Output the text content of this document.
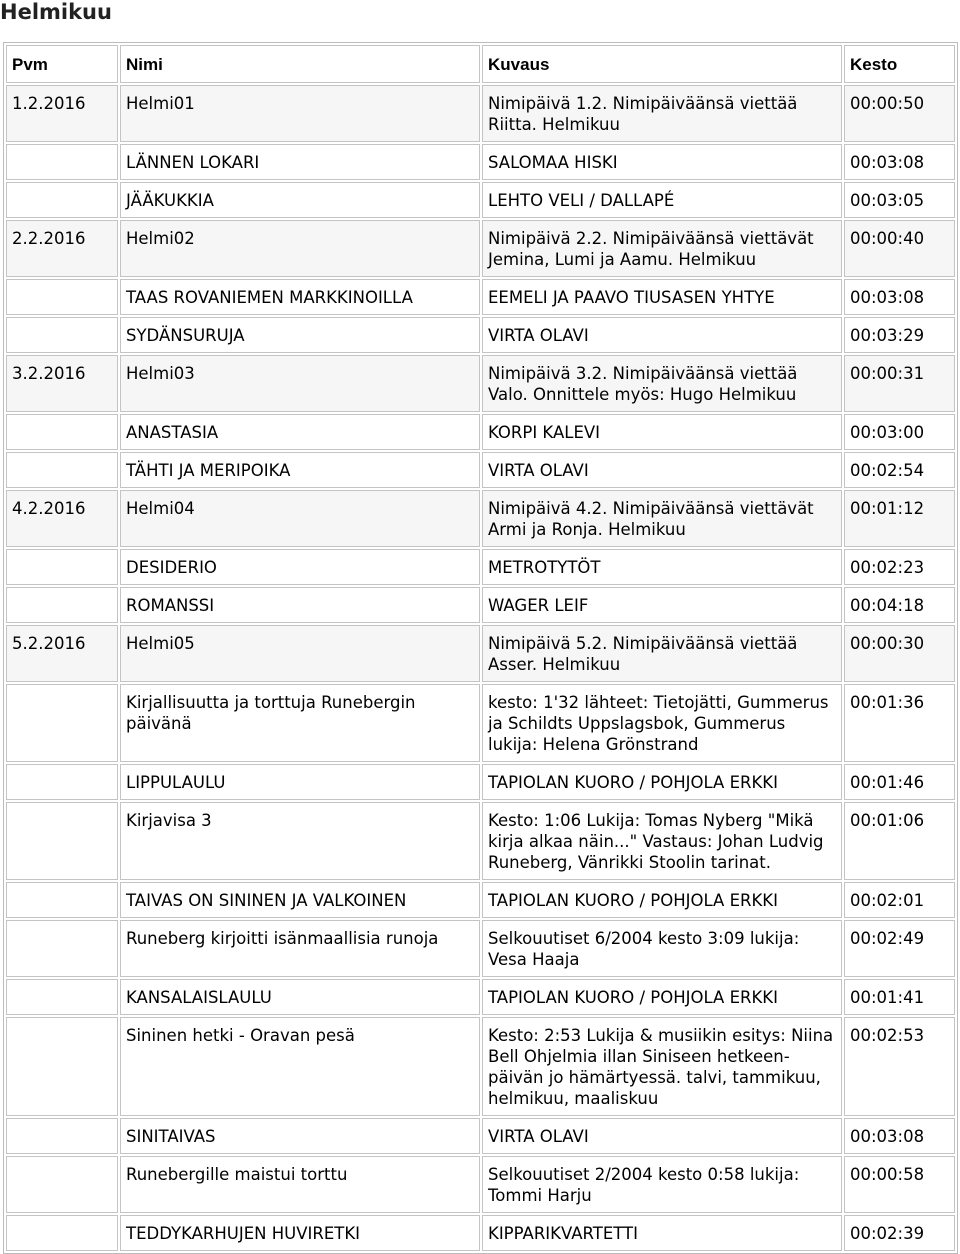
Helmikuu
Pvm	Nimi	Kuvaus	Kesto
1.2.2016	Helmi01	Nimipäivä 1.2. Nimipäiväänsä viettää Riitta. Helmikuu	00:00:50
	LÄNNEN LOKARI	SALOMAA HISKI	00:03:08
	JÄÄKUKKIA	LEHTO VELI / DALLAPÉ	00:03:05
2.2.2016	Helmi02	Nimipäivä 2.2. Nimipäiväänsä viettävät Jemina, Lumi ja Aamu. Helmikuu	00:00:40
	TAAS ROVANIEMEN MARKKINOILLA	EEMELI JA PAAVO TIUSASEN YHTYE	00:03:08
	SYDÄNSURUJA	VIRTA OLAVI	00:03:29
3.2.2016	Helmi03	Nimipäivä 3.2. Nimipäiväänsä viettää Valo. Onnittele myös: Hugo Helmikuu	00:00:31
	ANASTASIA	KORPI KALEVI	00:03:00
	TÄHTI JA MERIPOIKA	VIRTA OLAVI	00:02:54
4.2.2016	Helmi04	Nimipäivä 4.2. Nimipäiväänsä viettävät Armi ja Ronja. Helmikuu	00:01:12
	DESIDERIO	METROTYTÖT	00:02:23
	ROMANSSI	WAGER LEIF	00:04:18
5.2.2016	Helmi05	Nimipäivä 5.2. Nimipäiväänsä viettää Asser. Helmikuu	00:00:30
	Kirjallisuutta ja torttuja Runebergin päivänä	kesto: 1'32 lähteet: Tietojätti, Gummerus ja Schildts Uppslagsbok, Gummerus lukija: Helena Grönstrand	00:01:36
	LIPPULAULU	TAPIOLAN KUORO / POHJOLA ERKKI	00:01:46
	Kirjavisa 3	Kesto: 1:06 Lukija: Tomas Nyberg "Mikä kirja alkaa näin..." Vastaus: Johan Ludvig Runeberg, Vänrikki Stoolin tarinat.	00:01:06
	TAIVAS ON SININEN JA VALKOINEN	TAPIOLAN KUORO / POHJOLA ERKKI	00:02:01
	Runeberg kirjoitti isänmaallisia runoja	Selkouutiset 6/2004 kesto 3:09 lukija: Vesa Haaja	00:02:49
	KANSALAISLAULU	TAPIOLAN KUORO / POHJOLA ERKKI	00:01:41
	Sininen hetki - Oravan pesä	Kesto: 2:53 Lukija & musiikin esitys: Niina Bell Ohjelmia illan Siniseen hetkeen-päivän jo hämärtyessä. talvi, tammikuu, helmikuu, maaliskuu	00:02:53
	SINITAIVAS	VIRTA OLAVI	00:03:08
	Runebergille maistui torttu	Selkouutiset 2/2004 kesto 0:58 lukija: Tommi Harju	00:00:58
	TEDDYKARHUJEN HUVIRETKI	KIPPARIKVARTETTI	00:02:39
